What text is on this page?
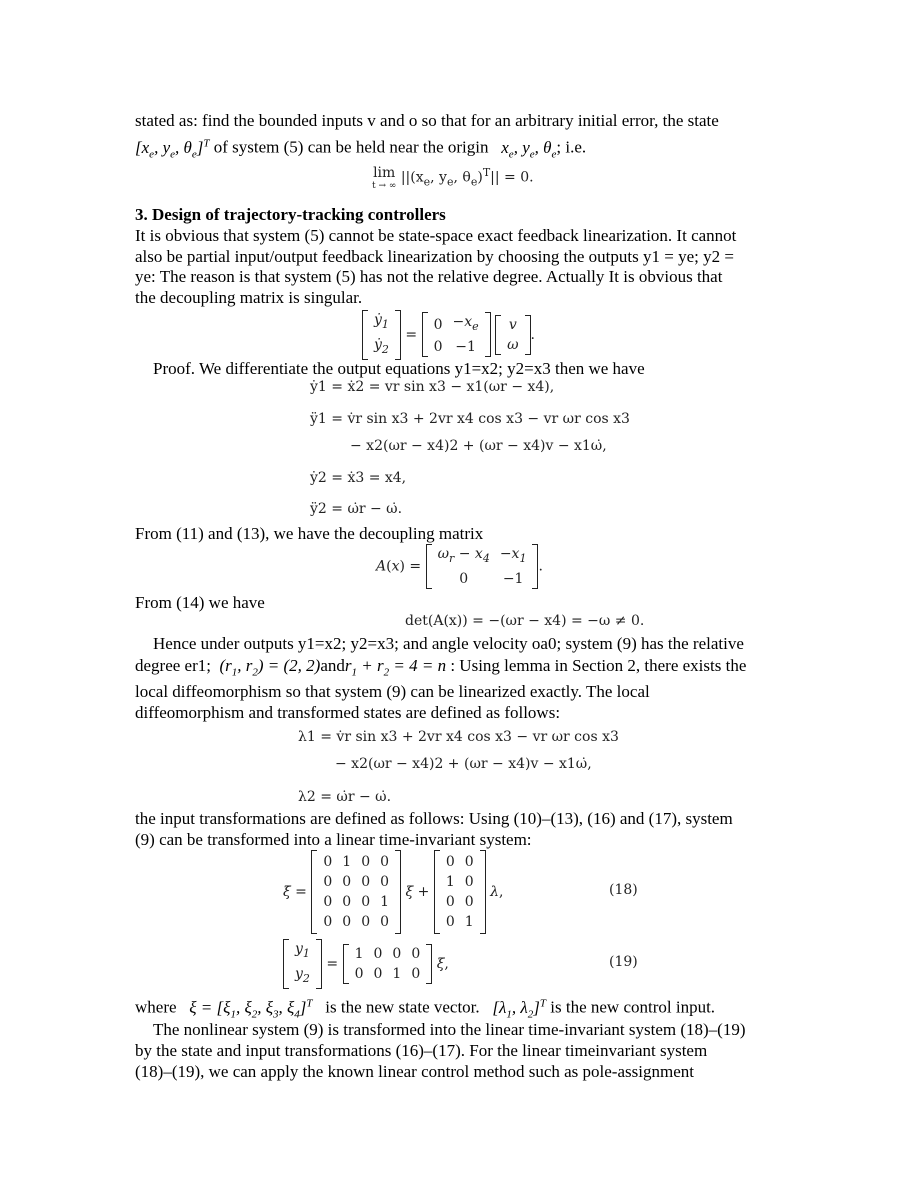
stated as: find the bounded inputs v and o so that for an arbitrary initial error, the state
[$x_e$, $y_e$, $\theta_e]^T$ of system (5) can be held near the origin $x_e$, $y_e$, $\theta_e$; i.e.
lim

t → ∞
$||(x_e$, $y_e$, $\theta_e)^T|| = 0$.
3. Design of trajectory-tracking controllers
It is obvious that system (5) cannot be state-space exact feedback linearization. It cannot
also be partial input/output feedback linearization by choosing the outputs y1 = ye; y2 =
ye: The reason is that system (5) has not the relative degree. Actually It is obvious that
the decoupling matrix is singular.
ẏ$_1$
ẏ$_2$
=
0	$-x_e$
0	−1

v
ω
.
Proof. We differentiate the output equations y1=x2; y2=x3 then we have
ẏ1 = ẋ2 = vr sin x3 − x1(ωr − x4),
ÿ1 = v̇r sin x3 + 2vr x4 cos x3 − vr ωr cos x3
− x2(ωr − x4)2 + (ωr − x4)v − x1ω̇,
ẏ2 = ẋ3 = x4,
ÿ2 = ω̇r − ω̇.
From (11) and (13), we have the decoupling matrix
A(x) =
$\omega_r - x_4$	$-x_1$
0	−1
.
From (14) we have
det(A(x)) = −(ωr − x4) = −ω ≠ 0.
Hence under outputs y1=x2; y2=x3; and angle velocity oa0; system (9) has the relative
degree er1;  ($r_1$, $r_2) = (2$, 2)andr$_1$ + $r_2 = 4 = n$ : Using lemma in Section 2, there exists the
local diffeomorphism so that system (9) can be linearized exactly. The local
diffeomorphism and transformed states are defined as follows:
λ1 = v̇r sin x3 + 2vr x4 cos x3 − vr ωr cos x3
− x2(ωr − x4)2 + (ωr − x4)v − x1ω̇,
λ2 = ω̇r − ω̇.
the input transformations are defined as follows: Using (10)–(13), (16) and (17), system
(9) can be transformed into a linear time-invariant system:
ξ̇ =
0	1	0	0
0	0	0	0
0	0	0	1
0	0	0	0
ξ +
0	0
1	0
0	0
0	1
λ,	(18)
$y_1$
$y_2$
=
1	0	0	0
0	0	1	0
ξ,	(19)
where $\xi = [\xi_1$, $\xi_2$, $\xi_3$, $\xi_4]^T$ is the new state vector. [$\lambda_1$, $\lambda_2]^T$ is the new control input.
The nonlinear system (9) is transformed into the linear time-invariant system (18)–(19)
by the state and input transformations (16)–(17). For the linear timeinvariant system
(18)–(19), we can apply the known linear control method such as pole-assignment
